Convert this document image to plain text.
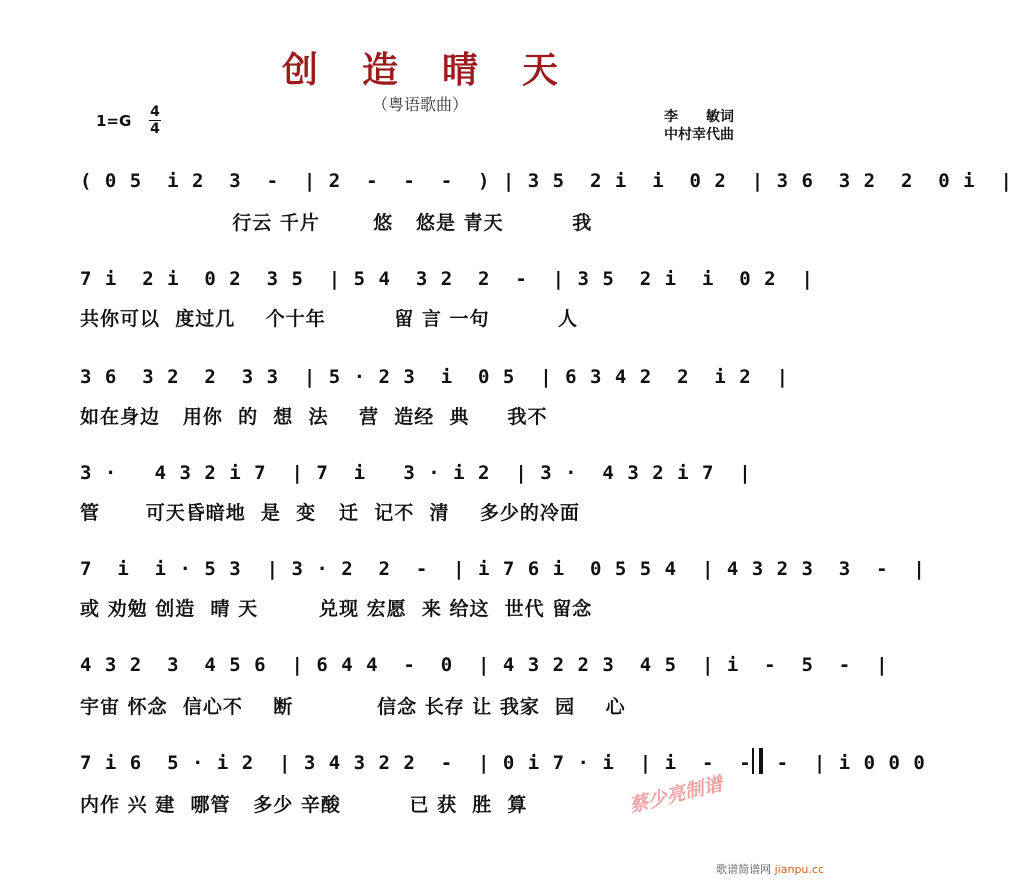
创造晴天
（粤语歌曲）
1=G 4
4
李　　敏词
中村幸代曲
( 0 5  i 2  3  -  | 2  -  -  -  ) | 3 5  2 i  i  0 2  | 3 6  3 2  2  0 i  |
行云 千片       悠   悠是 青天         我
7 i  2 i  0 2  3 5  | 5 4  3 2  2  -  | 3 5  2 i  i  0 2  |
共你可以  度过几    个十年         留 言 一句         人
3 6  3 2  2  3 3  | 5 · 2 3  i  0 5  | 6 3 4 2  2  i 2  |
如在身边   用你  的  想  法    营  造经  典     我不
3 ·   4 3 2 i 7  | 7  i   3 · i 2  | 3 ·  4 3 2 i 7  |
管      可天昏暗地  是  变   迁  记不  清    多少的冷面
7  i  i · 5 3  | 3 · 2  2  -  | i 7 6 i  0 5 5 4  | 4 3 2 3  3  -  |
或 劝勉 创造  晴 天        兑现 宏愿  来 给这  世代 留念
4 3 2  3  4 5 6  | 6 4 4  -  0  | 4 3 2 2 3  4 5  | i  -  5  -  |
宇宙 怀念  信心不    断           信念 长存 让 我家  园    心
7 i 6  5 · i 2  | 3 4 3 2 2  -  | 0 i 7 · i  | i  -  -  -  | i 0 0 0
内作 兴 建  哪管   多少 辛酸         已 获  胜  算	蔡少亮制谱
歌谱简谱网 jianpu.cc
